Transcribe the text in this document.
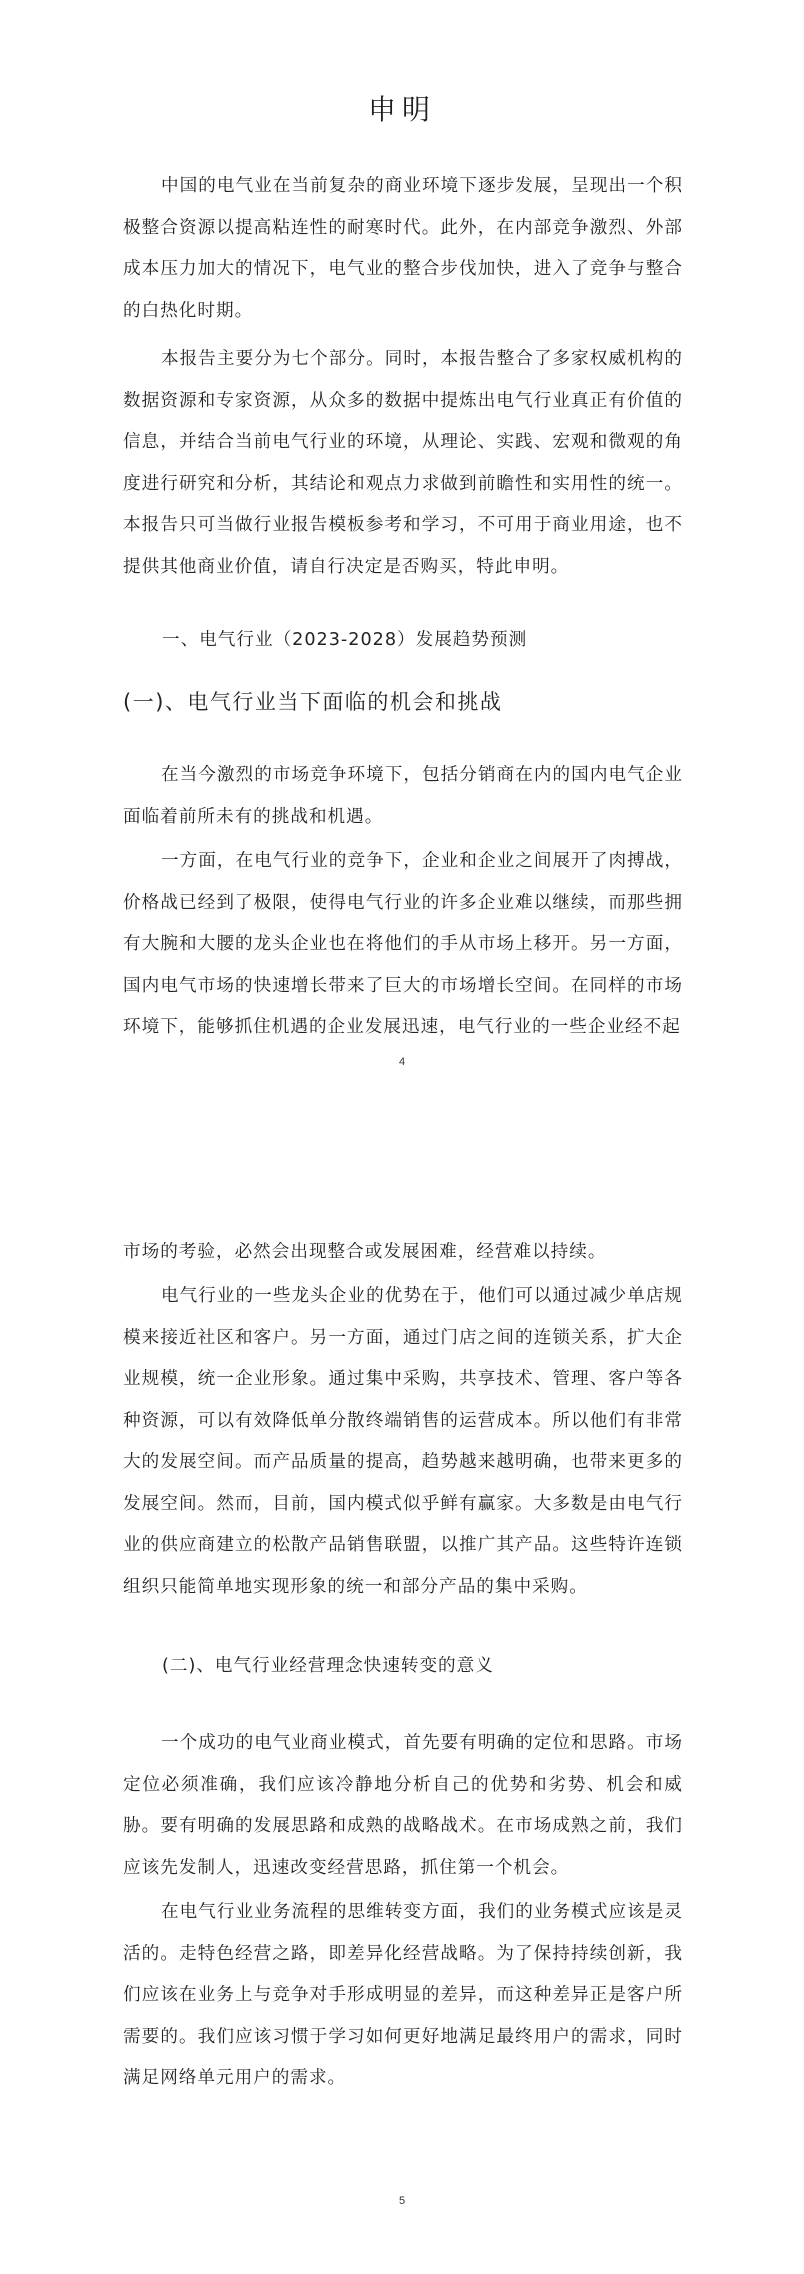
申明

中国的电气业在当前复杂的商业环境下逐步发展，呈现出一个积极整合资源以提高粘连性的耐寒时代。此外，在内部竞争激烈、外部成本压力加大的情况下，电气业的整合步伐加快，进入了竞争与整合的白热化时期。

本报告主要分为七个部分。同时，本报告整合了多家权威机构的数据资源和专家资源，从众多的数据中提炼出电气行业真正有价值的信息，并结合当前电气行业的环境，从理论、实践、宏观和微观的角度进行研究和分析，其结论和观点力求做到前瞻性和实用性的统一。本报告只可当做行业报告模板参考和学习，不可用于商业用途，也不提供其他商业价值，请自行决定是否购买，特此申明。

一、电气行业（2023-2028）发展趋势预测
(一)、电气行业当下面临的机会和挑战

在当今激烈的市场竞争环境下，包括分销商在内的国内电气企业面临着前所未有的挑战和机遇。

一方面，在电气行业的竞争下，企业和企业之间展开了肉搏战，价格战已经到了极限，使得电气行业的许多企业难以继续，而那些拥有大腕和大腰的龙头企业也在将他们的手从市场上移开。另一方面，国内电气市场的快速增长带来了巨大的市场增长空间。在同样的市场环境下，能够抓住机遇的企业发展迅速，电气行业的一些企业经不起

4

市场的考验，必然会出现整合或发展困难，经营难以持续。

电气行业的一些龙头企业的优势在于，他们可以通过减少单店规模来接近社区和客户。另一方面，通过门店之间的连锁关系，扩大企业规模，统一企业形象。通过集中采购，共享技术、管理、客户等各种资源，可以有效降低单分散终端销售的运营成本。所以他们有非常大的发展空间。而产品质量的提高，趋势越来越明确，也带来更多的发展空间。然而，目前，国内模式似乎鲜有赢家。大多数是由电气行业的供应商建立的松散产品销售联盟，以推广其产品。这些特许连锁组织只能简单地实现形象的统一和部分产品的集中采购。

(二)、电气行业经营理念快速转变的意义

一个成功的电气业商业模式，首先要有明确的定位和思路。市场定位必须准确，我们应该冷静地分析自己的优势和劣势、机会和威胁。要有明确的发展思路和成熟的战略战术。在市场成熟之前，我们应该先发制人，迅速改变经营思路，抓住第一个机会。

在电气行业业务流程的思维转变方面，我们的业务模式应该是灵活的。走特色经营之路，即差异化经营战略。为了保持持续创新，我们应该在业务上与竞争对手形成明显的差异，而这种差异正是客户所需要的。我们应该习惯于学习如何更好地满足最终用户的需求，同时满足网络单元用户的需求。

5
